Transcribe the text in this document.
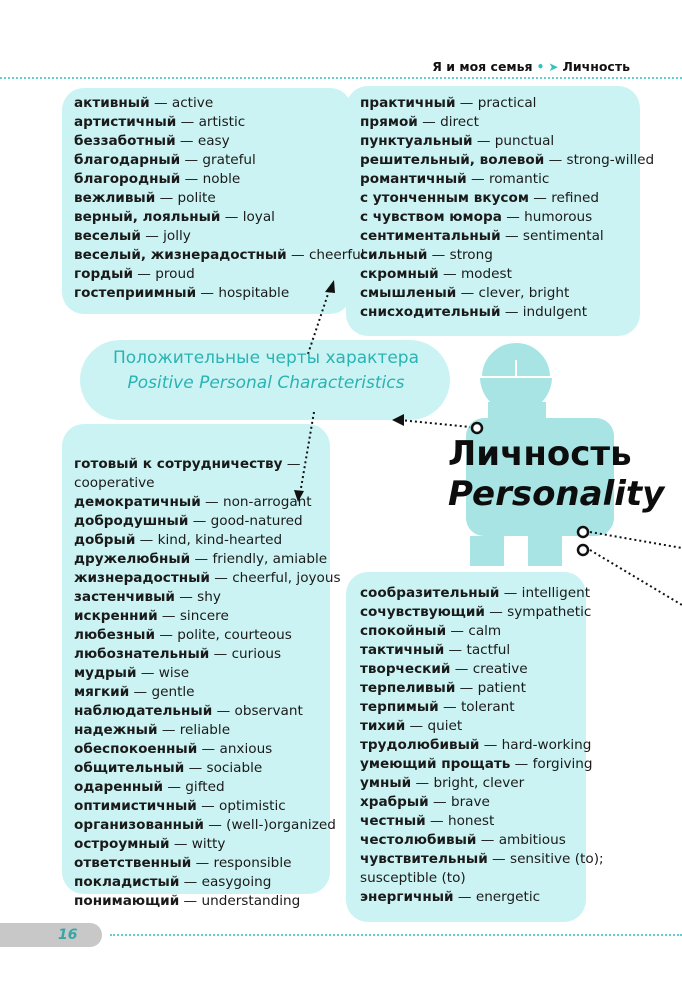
Я и моя семья • ➤ Личность
Положительные черты характера
Positive Personal Characteristics
Личность
Personality
активный — active
артистичный — artistic
беззаботный — easy
благодарный — grateful
благородный — noble
вежливый — polite
верный, лояльный — loyal
веселый — jolly
веселый, жизнерадостный — cheerful
гордый — proud
гостеприимный — hospitable
практичный — practical
прямой — direct
пунктуальный — punctual
решительный, волевой — strong-willed
романтичный — romantic
с утонченным вкусом — refined
с чувством юмора — humorous
сентиментальный — sentimental
сильный — strong
скромный — modest
смышленый — clever, bright
снисходительный — indulgent
готовый к сотрудничеству —
cooperative
демократичный — non-arrogant
добродушный — good-natured
добрый — kind, kind-hearted
дружелюбный — friendly, amiable
жизнерадостный — cheerful, joyous
застенчивый — shy
искренний — sincere
любезный — polite, courteous
любознательный — curious
мудрый — wise
мягкий — gentle
наблюдательный — observant
надежный — reliable
обеспокоенный — anxious
общительный — sociable
одаренный — gifted
оптимистичный — optimistic
организованный — (well-)organized
остроумный — witty
ответственный — responsible
покладистый — easygoing
понимающий — understanding
сообразительный — intelligent
сочувствующий — sympathetic
спокойный — calm
тактичный — tactful
творческий — creative
терпеливый — patient
терпимый — tolerant
тихий — quiet
трудолюбивый — hard-working
умеющий прощать — forgiving
умный — bright, clever
храбрый — brave
честный — honest
честолюбивый — ambitious
чувствительный — sensitive (to);
susceptible (to)
энергичный — energetic
16
